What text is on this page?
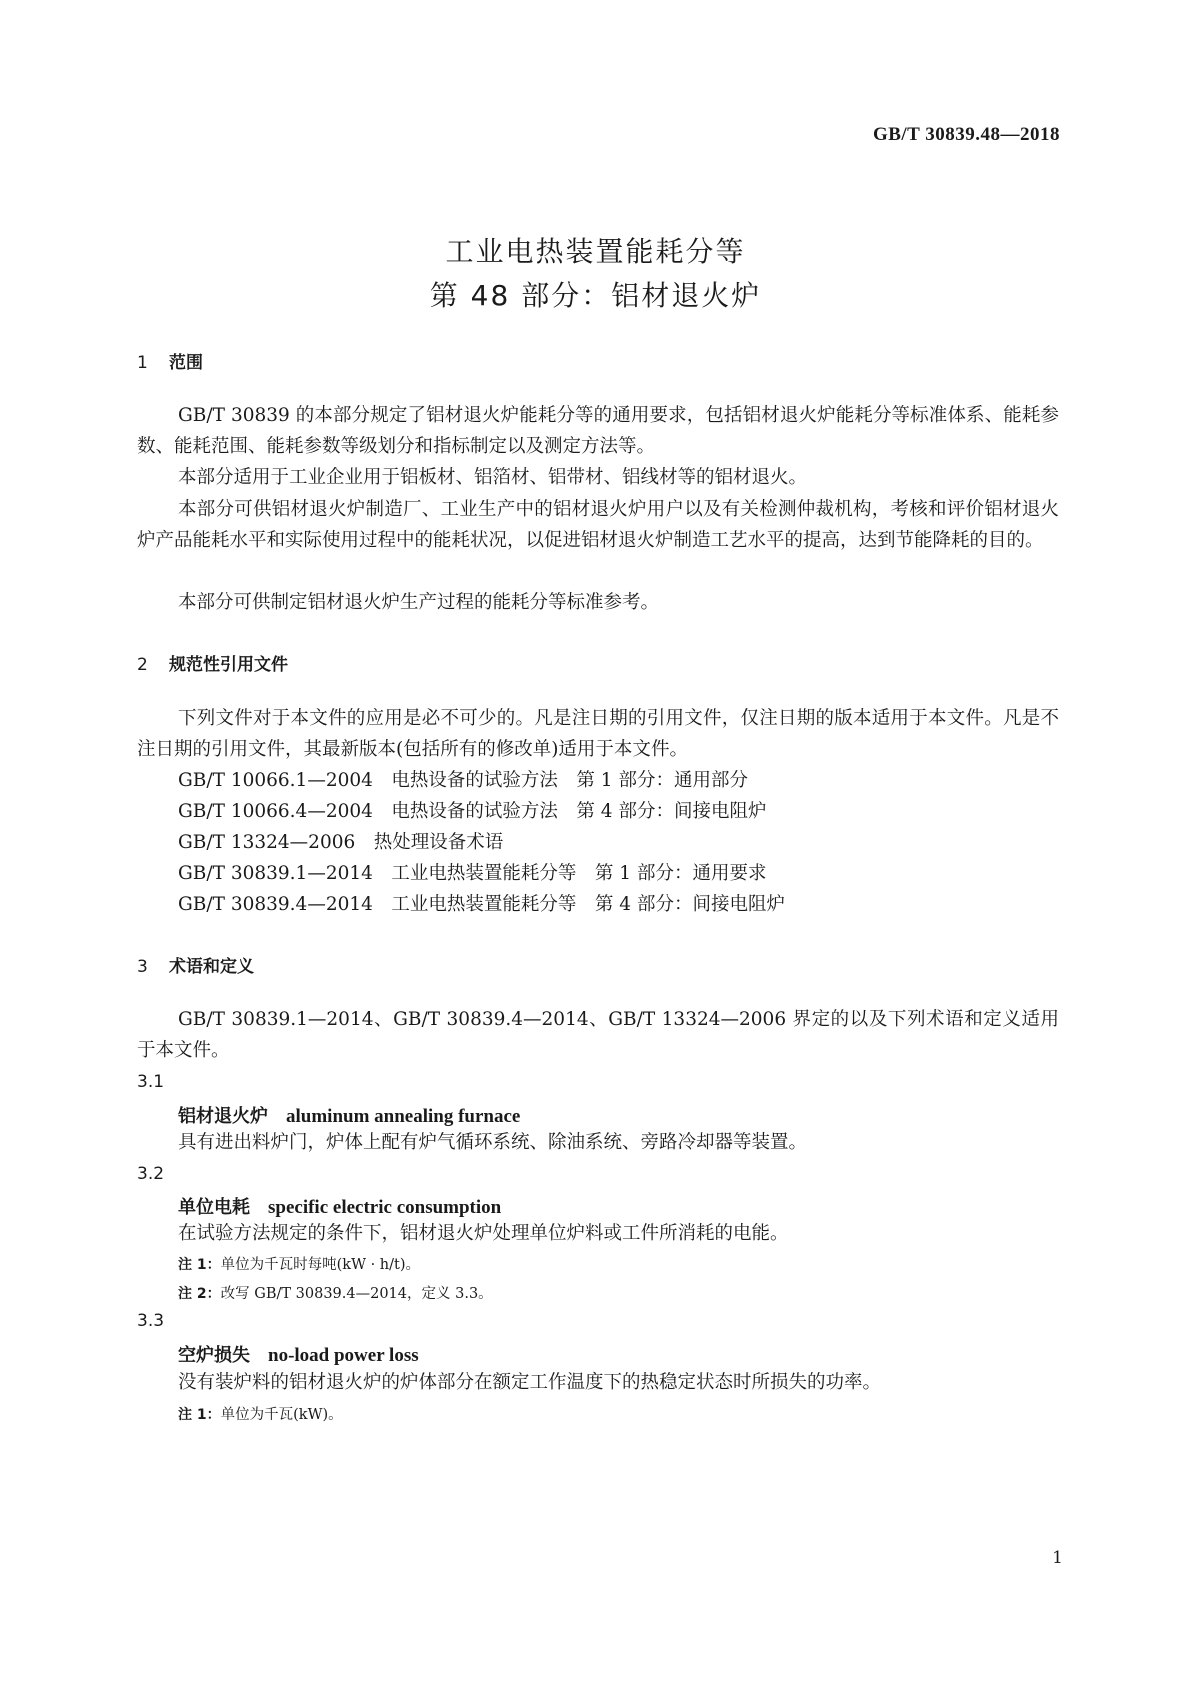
GB/T 30839.48—2018
工业电热装置能耗分等
第 48 部分：铝材退火炉
1 范围
GB/T 30839 的本部分规定了铝材退火炉能耗分等的通用要求，包括铝材退火炉能耗分等标准体系、能耗参数、能耗范围、能耗参数等级划分和指标制定以及测定方法等。
本部分适用于工业企业用于铝板材、铝箔材、铝带材、铝线材等的铝材退火。
本部分可供铝材退火炉制造厂、工业生产中的铝材退火炉用户以及有关检测仲裁机构，考核和评价铝材退火炉产品能耗水平和实际使用过程中的能耗状况，以促进铝材退火炉制造工艺水平的提高，达到节能降耗的目的。
本部分可供制定铝材退火炉生产过程的能耗分等标准参考。
2 规范性引用文件
下列文件对于本文件的应用是必不可少的。凡是注日期的引用文件，仅注日期的版本适用于本文件。凡是不注日期的引用文件，其最新版本(包括所有的修改单)适用于本文件。
GB/T 10066.1—2004　电热设备的试验方法　第 1 部分：通用部分
GB/T 10066.4—2004　电热设备的试验方法　第 4 部分：间接电阻炉
GB/T 13324—2006　热处理设备术语
GB/T 30839.1—2014　工业电热装置能耗分等　第 1 部分：通用要求
GB/T 30839.4—2014　工业电热装置能耗分等　第 4 部分：间接电阻炉
3 术语和定义
GB/T 30839.1—2014、GB/T 30839.4—2014、GB/T 13324—2006 界定的以及下列术语和定义适用于本文件。
3.1
铝材退火炉 aluminum annealing furnace
具有进出料炉门，炉体上配有炉气循环系统、除油系统、旁路冷却器等装置。
3.2
单位电耗 specific electric consumption
在试验方法规定的条件下，铝材退火炉处理单位炉料或工件所消耗的电能。
注 1：单位为千瓦时每吨(kW · h/t)。
注 2：改写 GB/T 30839.4—2014，定义 3.3。
3.3
空炉损失 no-load power loss
没有装炉料的铝材退火炉的炉体部分在额定工作温度下的热稳定状态时所损失的功率。
注 1：单位为千瓦(kW)。
1
